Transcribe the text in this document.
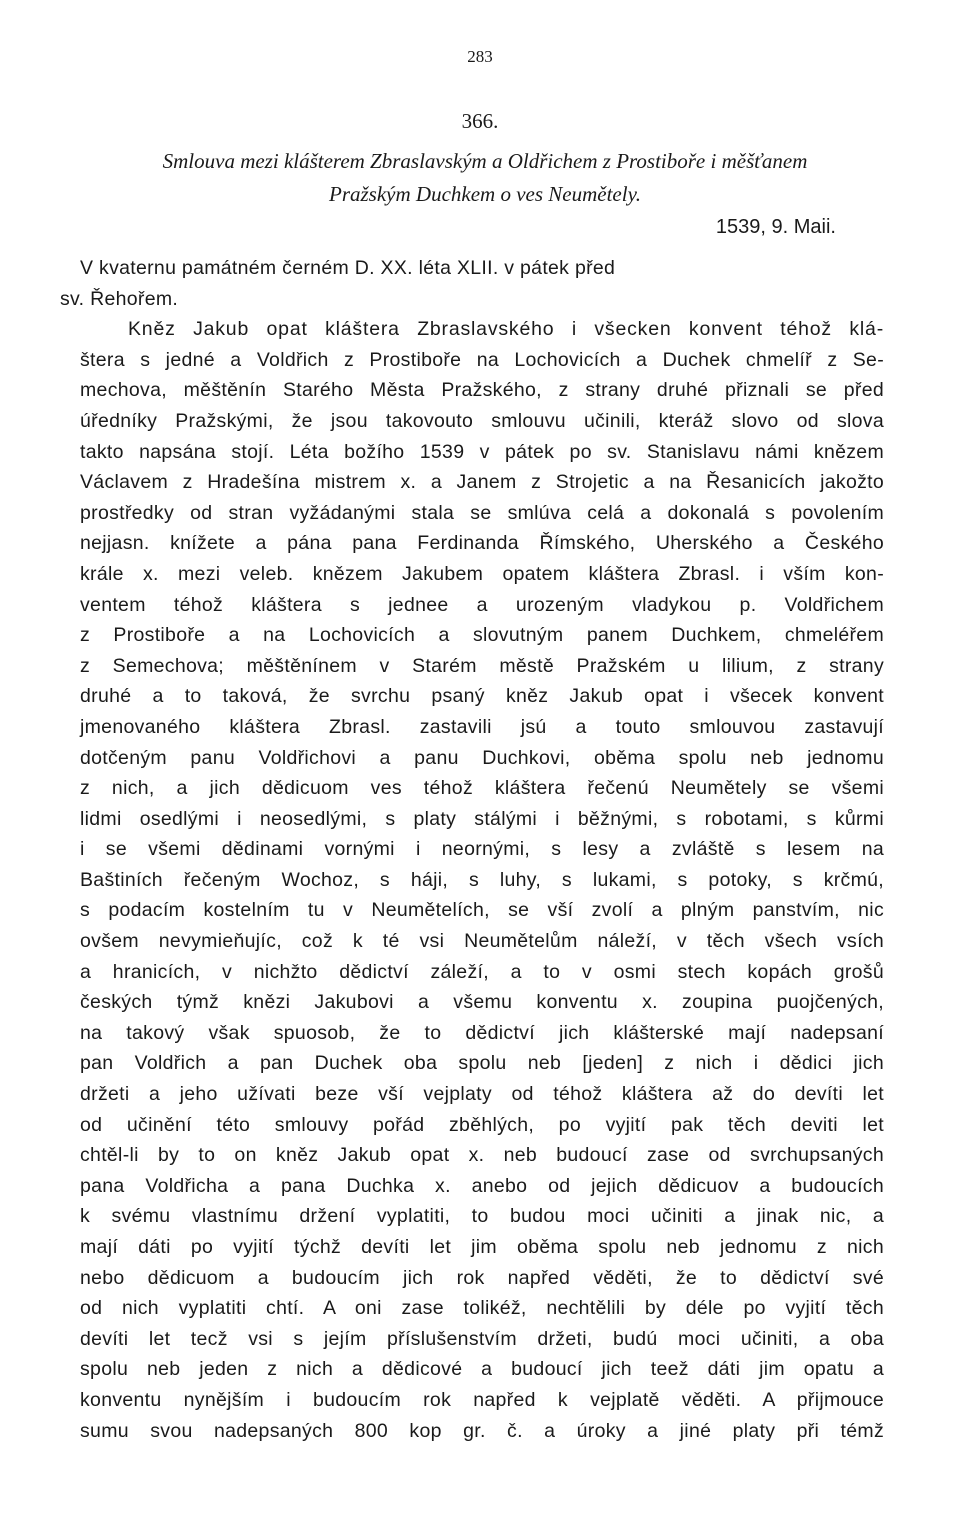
283
366.
Smlouva mezi klášterem Zbraslavským a Oldřichem z Prostiboře i měšťanem
Pražským Duchkem o ves Neumětely.
1539, 9. Maii.
V kvaternu památném černém D. XX. léta XLII. v pátek před
sv. Řehořem.
Kněz Jakub opat kláštera Zbraslavského i všecken konvent téhož klá-
štera s jedné a Voldřich z Prostiboře na Lochovicích a Duchek chmelíř z Se-
mechova, měštěnín Starého Města Pražského, z strany druhé přiznali se před
úředníky Pražskými, že jsou takovouto smlouvu učinili, kteráž slovo od slova
takto napsána stojí. Léta božího 1539 v pátek po sv. Stanislavu námi knězem
Václavem z Hradešína mistrem x. a Janem z Strojetic a na Řesanicích jakožto
prostředky od stran vyžádanými stala se smlúva celá a dokonalá s povolením
nejjasn. knížete a pána pana Ferdinanda Římského, Uherského a Českého
krále x. mezi veleb. knězem Jakubem opatem kláštera Zbrasl. i vším kon-
ventem téhož kláštera s jednee a urozeným vladykou p. Voldřichem
z Prostiboře a na Lochovicích a slovutným panem Duchkem, chmeléřem
z Semechova; měštěnínem v Starém městě Pražském u lilium, z strany
druhé a to taková, že svrchu psaný kněz Jakub opat i všecek konvent
jmenovaného kláštera Zbrasl. zastavili jsú a touto smlouvou zastavují
dotčeným panu Voldřichovi a panu Duchkovi, oběma spolu neb jednomu
z nich, a jich dědicuom ves téhož kláštera řečenú Neumětely se všemi
lidmi osedlými i neosedlými, s platy stálými i běžnými, s robotami, s kůrmi
i se všemi dědinami vornými i neornými, s lesy a zvláště s lesem na
Baštiních řečeným Wochoz, s háji, s luhy, s lukami, s potoky, s krčmú,
s podacím kostelním tu v Neumětelích, se vší zvolí a plným panstvím, nic
ovšem nevymieňujíc, což k té vsi Neumětelům náleží, v těch všech vsích
a hranicích, v nichžto dědictví záleží, a to v osmi stech kopách grošů
českých týmž knězi Jakubovi a všemu konventu x. zoupina puojčených,
na takový však spuosob, že to dědictví jich klášterské mají nadepsaní
pan Voldřich a pan Duchek oba spolu neb [jeden] z nich i dědici jich
držeti a jeho užívati beze vší vejplaty od téhož kláštera až do devíti let
od učinění této smlouvy pořád zběhlých, po vyjití pak těch deviti let
chtěl-li by to on kněz Jakub opat x. neb budoucí zase od svrchupsaných
pana Voldřicha a pana Duchka x. anebo od jejich dědicuov a budoucích
k svému vlastnímu držení vyplatiti, to budou moci učiniti a jinak nic, a
mají dáti po vyjití týchž devíti let jim oběma spolu neb jednomu z nich
nebo dědicuom a budoucím jich rok napřed věděti, že to dědictví své
od nich vyplatiti chtí. A oni zase tolikéž, nechtělili by déle po vyjití těch
devíti let tecž vsi s jejím příslušenstvím držeti, budú moci učiniti, a oba
spolu neb jeden z nich a dědicové a budoucí jich teež dáti jim opatu a
konventu nynějším i budoucím rok napřed k vejplatě věděti. A přijmouce
sumu svou nadepsaných 800 kop gr. č. a úroky a jiné platy při témž
